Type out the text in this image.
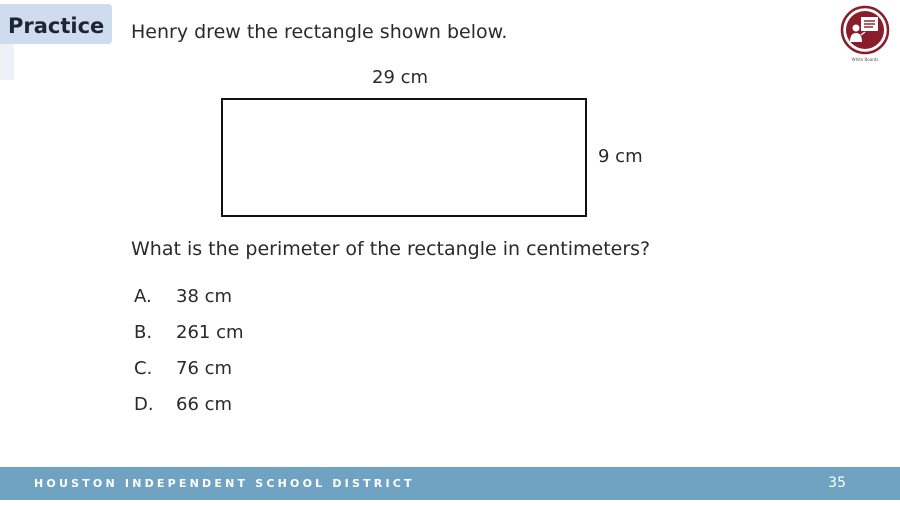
Practice Henry drew the rectangle shown below.
White Boards
29 cm
9 cm
What is the perimeter of the rectangle in centimeters?
A. 38 cm
B. 261 cm
C. 76 cm
D. 66 cm
HOUSTON INDEPENDENT SCHOOL DISTRICT	35
